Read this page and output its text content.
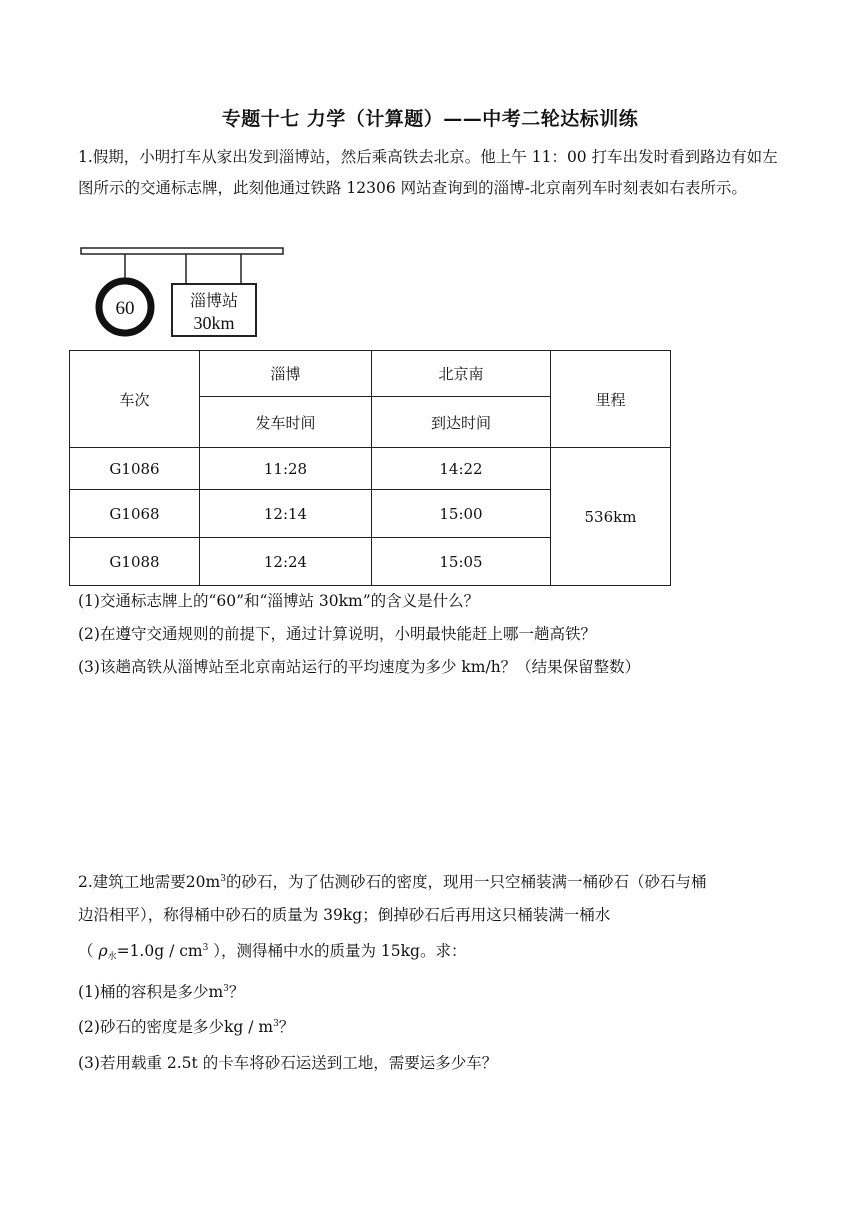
专题十七 力学（计算题）——中考二轮达标训练
1.假期，小明打车从家出发到淄博站，然后乘高铁去北京。他上午 11：00 打车出发时看到路边有如左图所示的交通标志牌，此刻他通过铁路 12306 网站查询到的淄博-北京南列车时刻表如右表所示。
60	淄博站
30km
车次	淄博	北京南	里程
	发车时间	到达时间	
G1086	11:28	14:22	536km
G1068	12:14	15:00	
G1088	12:24	15:05	
(1)交通标志牌上的“60”和“淄博站 30km”的含义是什么？
(2)在遵守交通规则的前提下，通过计算说明，小明最快能赶上哪一趟高铁？
(3)该趟高铁从淄博站至北京南站运行的平均速度为多少 km/h？（结果保留整数）
2.建筑工地需要$20m^3$的砂石，为了估测砂石的密度，现用一只空桶装满一桶砂石（砂石与桶
边沿相平），称得桶中砂石的质量为 39kg；倒掉砂石后再用这只桶装满一桶水
（ $\rho_水=1.0g / cm^3$ ），测得桶中水的质量为 15kg。求：
(1)桶的容积是多少$m^3$？
(2)砂石的密度是多少kg / $m^3$？
(3)若用载重 2.5t 的卡车将砂石运送到工地，需要运多少车？
